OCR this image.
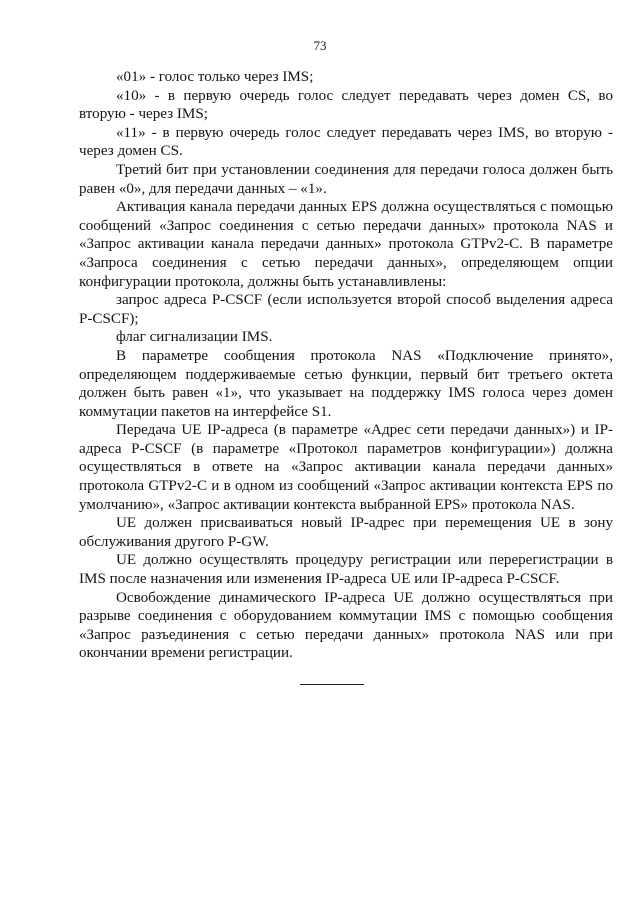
73

«01» - голос только через IMS;

«10» - в первую очередь голос следует передавать через домен CS, во вторую - через IMS;

«11» - в первую очередь голос следует передавать через IMS, во вторую - через домен CS.

Третий бит при установлении соединения для передачи голоса должен быть равен «0», для передачи данных – «1».

Активация канала передачи данных EPS должна осуществляться с помощью сообщений «Запрос соединения с сетью передачи данных» протокола NAS и «Запрос активации канала передачи данных» протокола GTPv2-C. В параметре «Запроса соединения с сетью передачи данных», определяющем опции конфигурации протокола, должны быть устанавливлены:

запрос адреса P-CSCF (если используется второй способ выделения адреса P-CSCF);

флаг сигнализации IMS.

В параметре сообщения протокола NAS «Подключение принято», определяющем поддерживаемые сетью функции, первый бит третьего октета должен быть равен «1», что указывает на поддержку IMS голоса через домен коммутации пакетов на интерфейсе S1.

Передача UE IP-адреса (в параметре «Адрес сети передачи данных») и IP-адреса P-CSCF (в параметре «Протокол параметров конфигурации») должна осуществляться в ответе на «Запрос активации канала передачи данных» протокола GTPv2-C и в одном из сообщений «Запрос активации контекста EPS по умолчанию», «Запрос активации контекста выбранной EPS» протокола NAS.

UE должен присваиваться новый IP-адрес при перемещения UE в зону обслуживания другого P-GW.

UE должно осуществлять процедуру регистрации или перерегистрации в IMS после назначения или изменения IP-адреса UE или IP-адреса P-CSCF.

Освобождение динамического IP-адреса UE должно осуществляться при разрыве соединения с оборудованием коммутации IMS с помощью сообщения «Запрос разъединения с сетью передачи данных» протокола NAS или при окончании времени регистрации.
